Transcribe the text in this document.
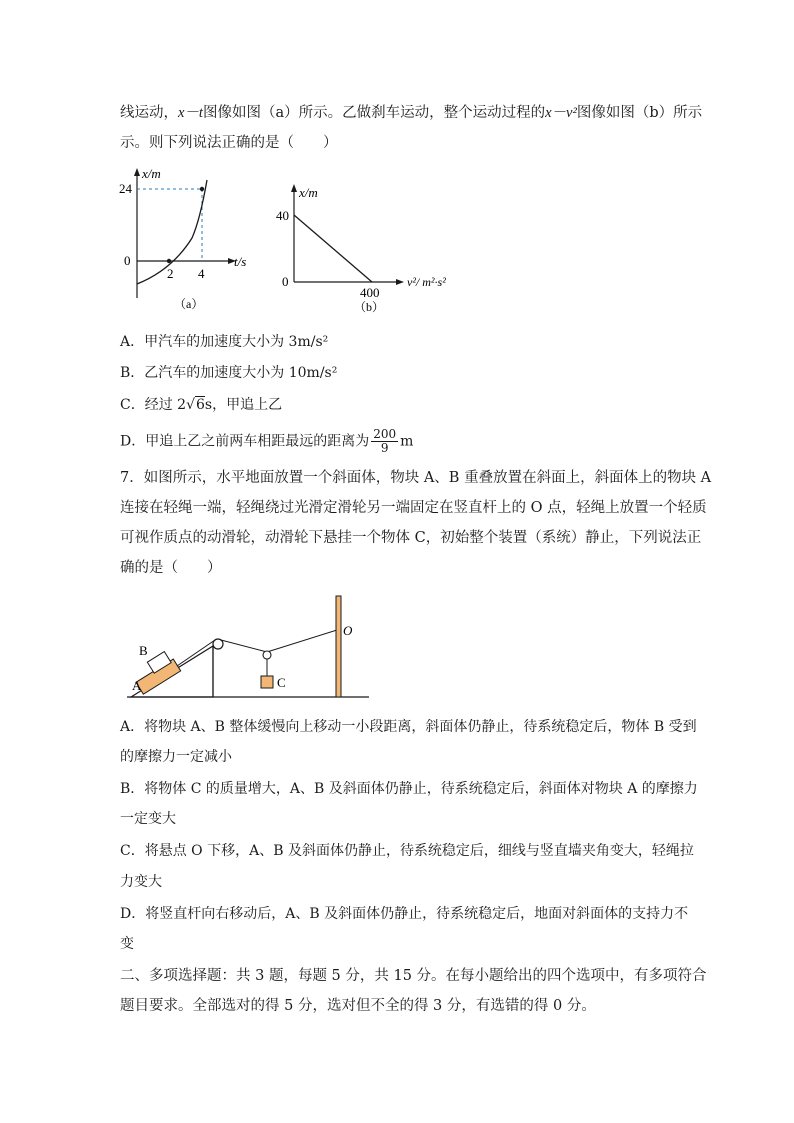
线运动，x－t图像如图（a）所示。乙做刹车运动，整个运动过程的x－v²图像如图（b）所示
示。则下列说法正确的是（　　）
x/m
24
0
2 4
t/s
（a）
x/m
40
0
400
v²/ m²·s²
（b）
A．甲汽车的加速度大小为 3m/s²
B．乙汽车的加速度大小为 10m/s²
C．经过 2√6s，甲追上乙
D．甲追上乙之前两车相距最远的距离为 $\frac{200}{9}$ m
7．如图所示，水平地面放置一个斜面体，物块 A、B 重叠放置在斜面上，斜面体上的物块 A
连接在轻绳一端，轻绳绕过光滑定滑轮另一端固定在竖直杆上的 O 点，轻绳上放置一个轻质
可视作质点的动滑轮，动滑轮下悬挂一个物体 C，初始整个装置（系统）静止，下列说法正
确的是（　　）
B
A	C
O
A．将物块 A、B 整体缓慢向上移动一小段距离，斜面体仍静止，待系统稳定后，物体 B 受到
的摩擦力一定减小
B．将物体 C 的质量增大，A、B 及斜面体仍静止，待系统稳定后，斜面体对物块 A 的摩擦力
一定变大
C．将悬点 O 下移，A、B 及斜面体仍静止，待系统稳定后，细线与竖直墙夹角变大，轻绳拉
力变大
D．将竖直杆向右移动后，A、B 及斜面体仍静止，待系统稳定后，地面对斜面体的支持力不
变
二、多项选择题：共 3 题，每题 5 分，共 15 分。在每小题给出的四个选项中，有多项符合
题目要求。全部选对的得 5 分，选对但不全的得 3 分，有选错的得 0 分。
